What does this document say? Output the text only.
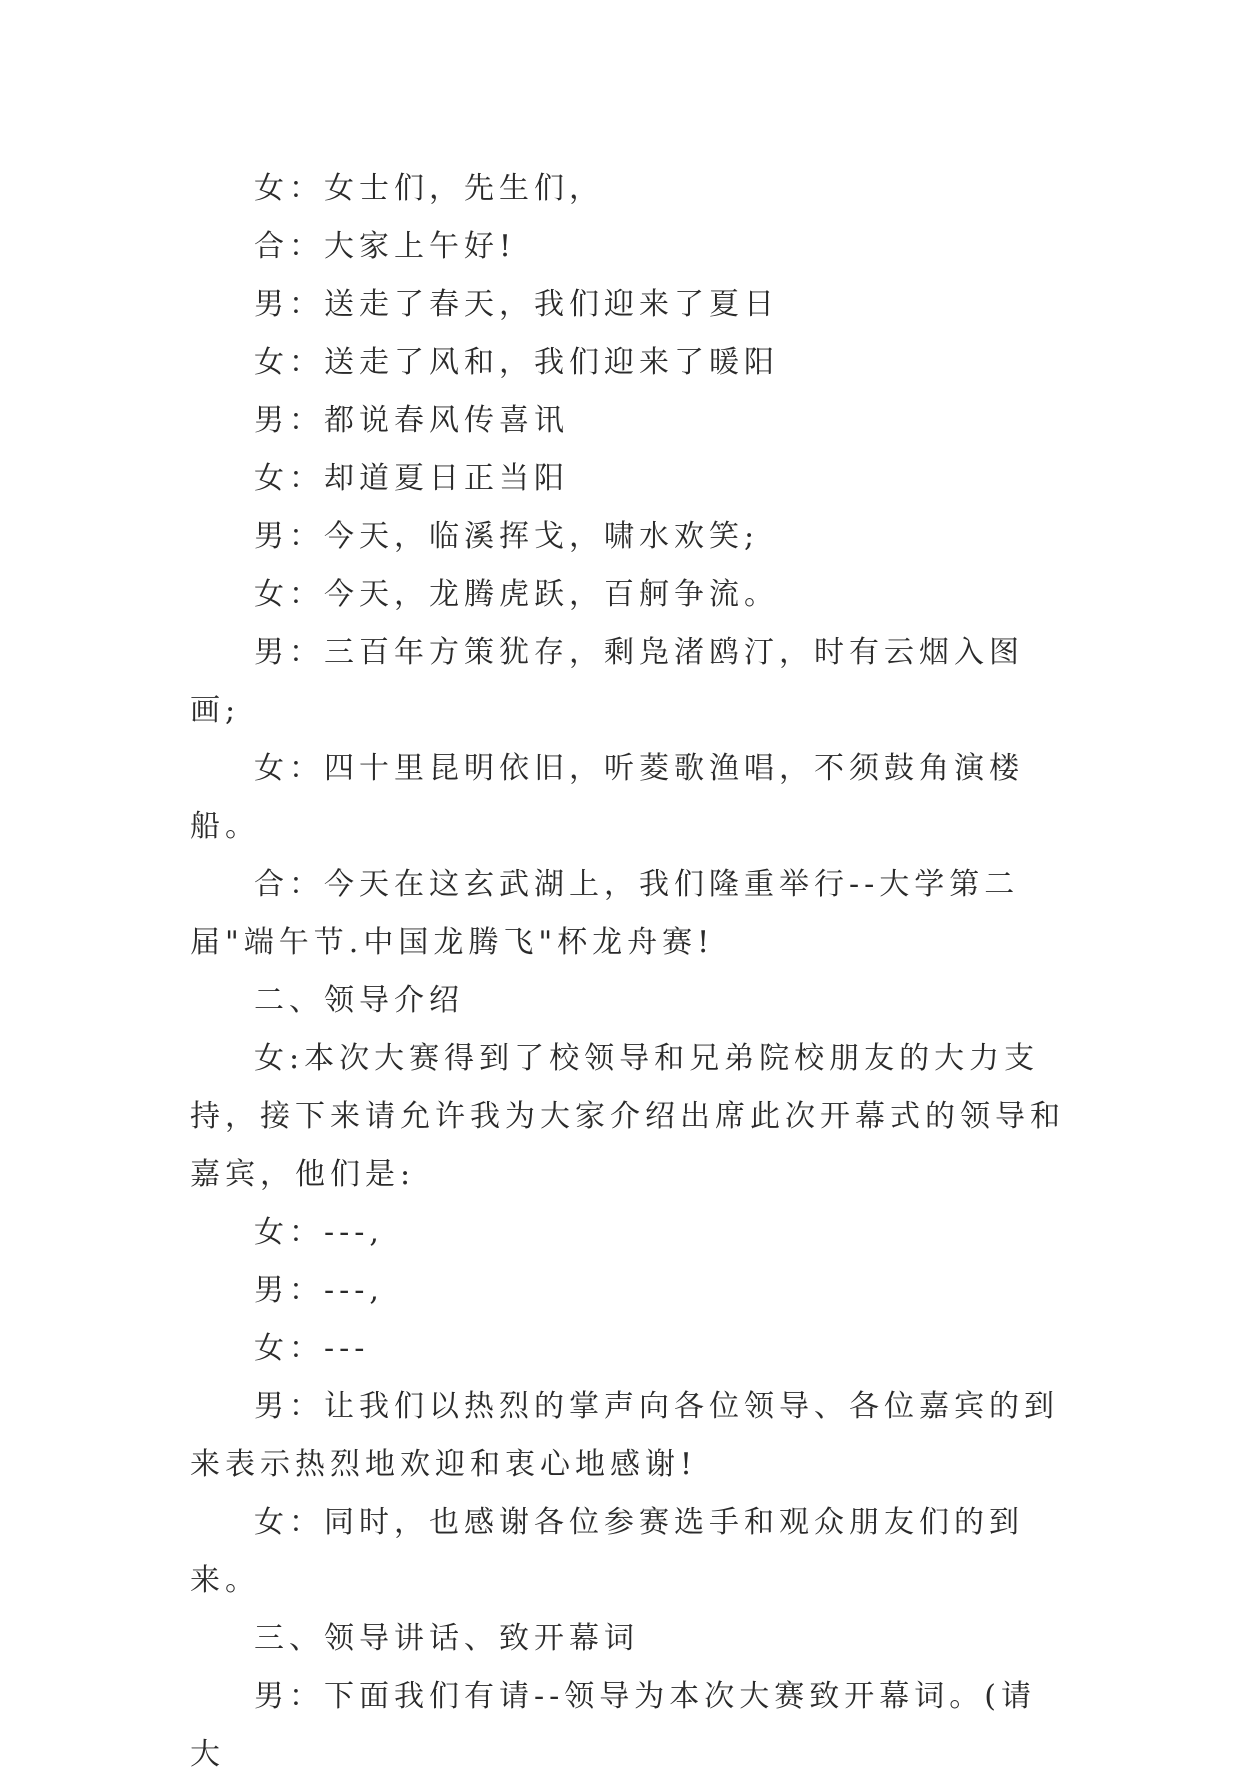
女：女士们，先生们，

合：大家上午好!

男：送走了春天，我们迎来了夏日

女：送走了风和，我们迎来了暖阳

男：都说春风传喜讯

女：却道夏日正当阳

男：今天，临溪挥戈，啸水欢笑;

女：今天，龙腾虎跃，百舸争流。

男：三百年方策犹存，剩凫渚鸥汀，时有云烟入图画;

女：四十里昆明依旧，听菱歌渔唱，不须鼓角演楼船。

合：今天在这玄武湖上，我们隆重举行--大学第二届"端午节.中国龙腾飞"杯龙舟赛!

二、领导介绍

女:本次大赛得到了校领导和兄弟院校朋友的大力支持，接下来请允许我为大家介绍出席此次开幕式的领导和嘉宾，他们是:

女：---,

男：---,

女：---

男：让我们以热烈的掌声向各位领导、各位嘉宾的到来表示热烈地欢迎和衷心地感谢!

女：同时，也感谢各位参赛选手和观众朋友们的到来。

三、领导讲话、致开幕词

男：下面我们有请--领导为本次大赛致开幕词。(请大
